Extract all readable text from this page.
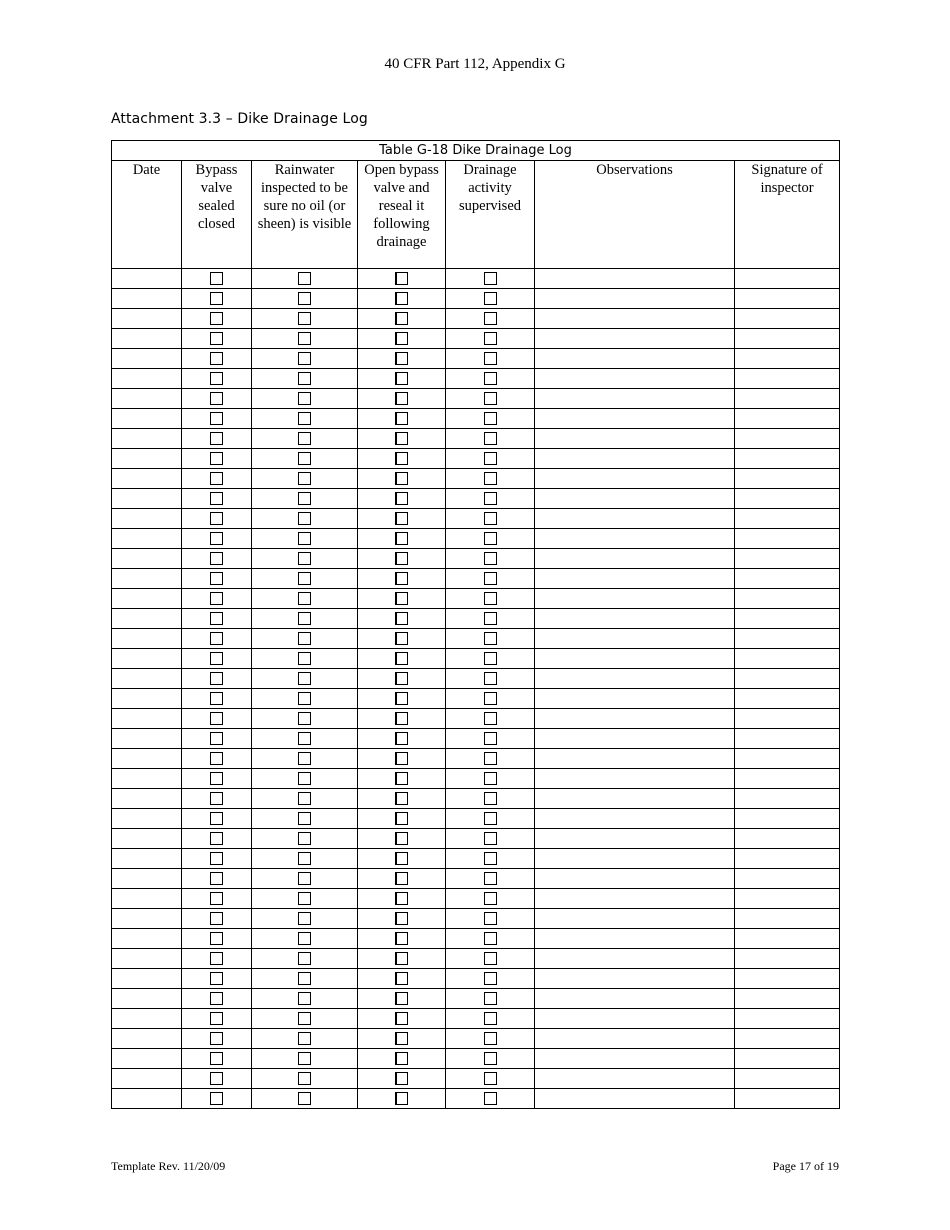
40 CFR Part 112, Appendix G
Attachment 3.3 – Dike Drainage Log
Table G-18 Dike Drainage Log						
Date	Bypass valve sealed closed	Rainwater inspected to be sure no oil (or sheen) is visible	Open bypass valve and reseal it following drainage	Drainage activity supervised	Observations	Signature of inspector

Template Rev. 11/20/09	Page 17 of 19
